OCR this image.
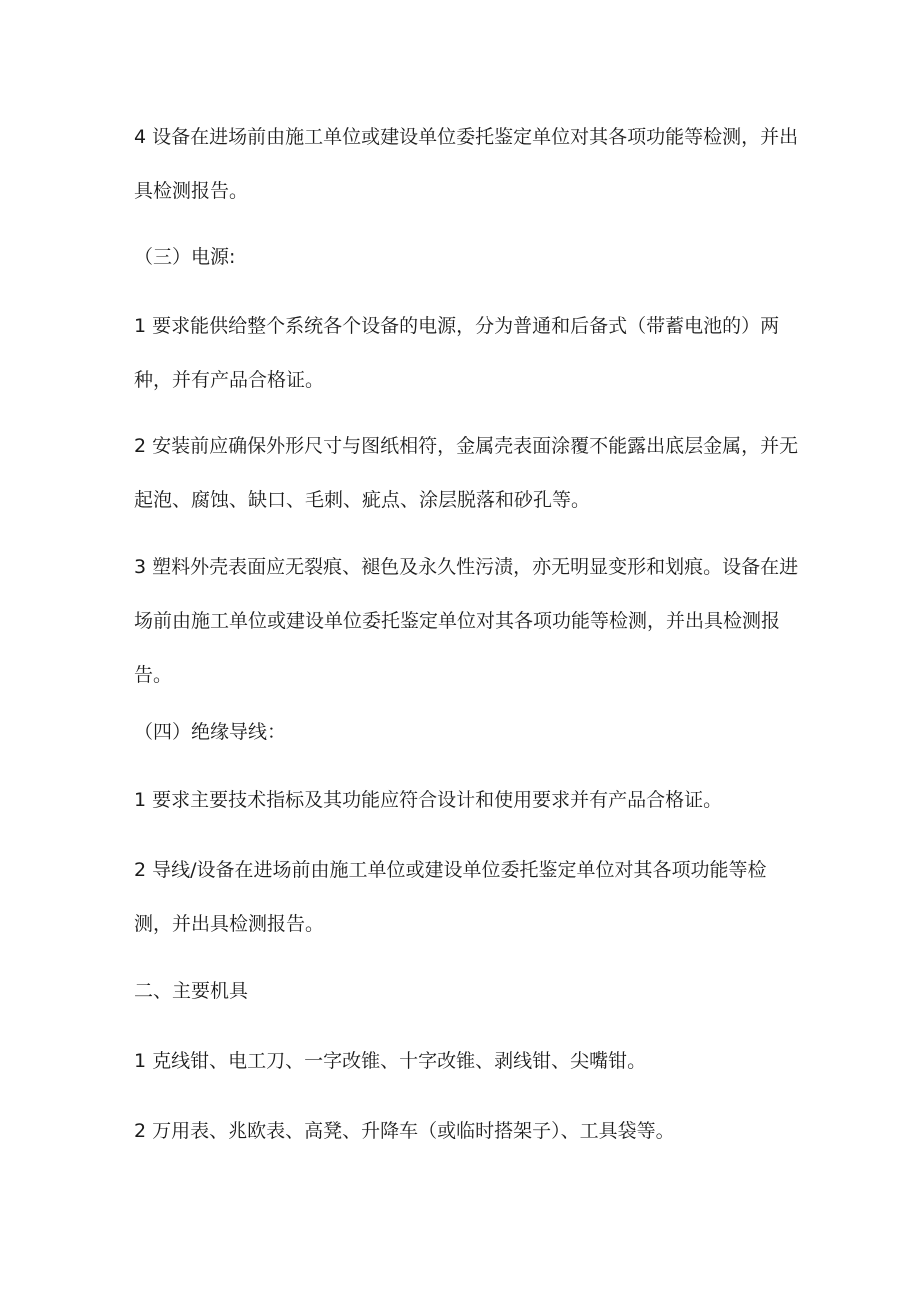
4 设备在进场前由施工单位或建设单位委托鉴定单位对其各项功能等检测，并出
具检测报告。

（三）电源:

1 要求能供给整个系统各个设备的电源，分为普通和后备式（带蓄电池的）两
种，并有产品合格证。

2 安装前应确保外形尺寸与图纸相符，金属壳表面涂覆不能露出底层金属，并无
起泡、腐蚀、缺口、毛刺、疵点、涂层脱落和砂孔等。

3 塑料外壳表面应无裂痕、褪色及永久性污渍，亦无明显变形和划痕。设备在进
场前由施工单位或建设单位委托鉴定单位对其各项功能等检测，并出具检测报
告。

（四）绝缘导线：

1 要求主要技术指标及其功能应符合设计和使用要求并有产品合格证。

2 导线/设备在进场前由施工单位或建设单位委托鉴定单位对其各项功能等检
测，并出具检测报告。

二、主要机具

1 克线钳、电工刀、一字改锥、十字改锥、剥线钳、尖嘴钳。

2 万用表、兆欧表、高凳、升降车（或临时搭架子）、工具袋等。
